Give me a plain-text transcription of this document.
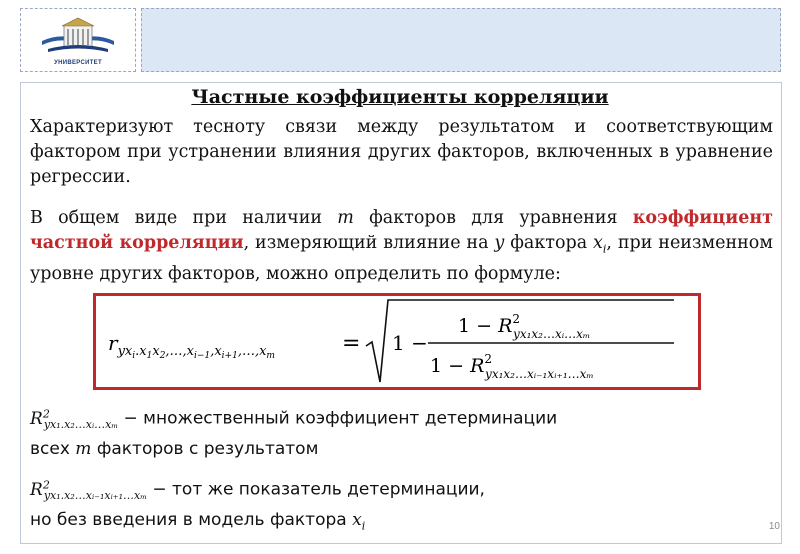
УНИВЕРСИТЕТ
Частные коэффициенты корреляции
Характеризуют тесноту связи между результатом и соответствующим фактором при устранении влияния других факторов, включенных в уравнение регрессии.
В общем виде при наличии m факторов для уравнения коэффициент частной корреляции, измеряющий влияние на y фактора $x_i$, при неизменном уровне других факторов, можно определить по формуле:
$r_{yx}i.x1x2,\dots,xi-1,xi+1,\dots,xm$	= 1 −
$1 - R^2$ yx₁x₂…xᵢ…xₘ
$1 - R^2$ yx₁x₂…xᵢ₋₁xᵢ₊₁…xₘ
$R^2_{yx_1.x_2\dots xᵢ\dots x_m}$ − множественный коэффициент детерминации
всех m факторов с результатом
$R^2_{yx_1.x_2\dots xᵢ_{-1}xᵢ_{+1}\dots x_m}$ − тот же показатель детерминации,
но без введения в модель фактора $x_i$	10
